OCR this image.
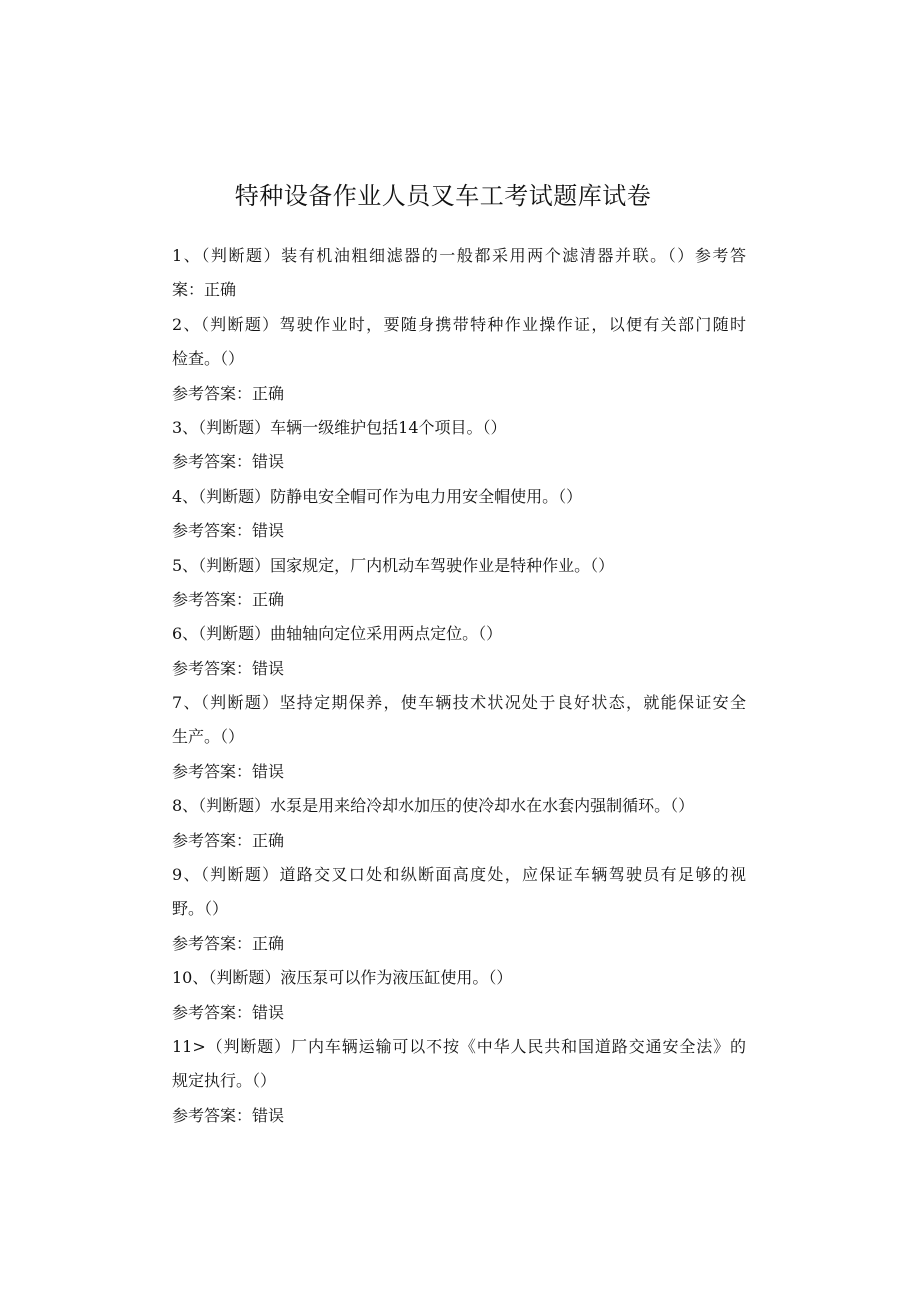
特种设备作业人员叉车工考试题库试卷
1、（判断题）装有机油粗细滤器的一般都采用两个滤清器并联。（）参考答
案：正确
2、（判断题）驾驶作业时，要随身携带特种作业操作证，以便有关部门随时
检查。（）
参考答案：正确
3、（判断题）车辆一级维护包括14个项目。（）
参考答案：错误
4、（判断题）防静电安全帽可作为电力用安全帽使用。（）
参考答案：错误
5、（判断题）国家规定，厂内机动车驾驶作业是特种作业。（）
参考答案：正确
6、（判断题）曲轴轴向定位采用两点定位。（）
参考答案：错误
7、（判断题）坚持定期保养，使车辆技术状况处于良好状态，就能保证安全
生产。（）
参考答案：错误
8、（判断题）水泵是用来给冷却水加压的使冷却水在水套内强制循环。（）
参考答案：正确
9、（判断题）道路交叉口处和纵断面高度处，应保证车辆驾驶员有足够的视
野。（）
参考答案：正确
10、（判断题）液压泵可以作为液压缸使用。（）
参考答案：错误
11>（判断题）厂内车辆运输可以不按《中华人民共和国道路交通安全法》的
规定执行。（）
参考答案：错误
